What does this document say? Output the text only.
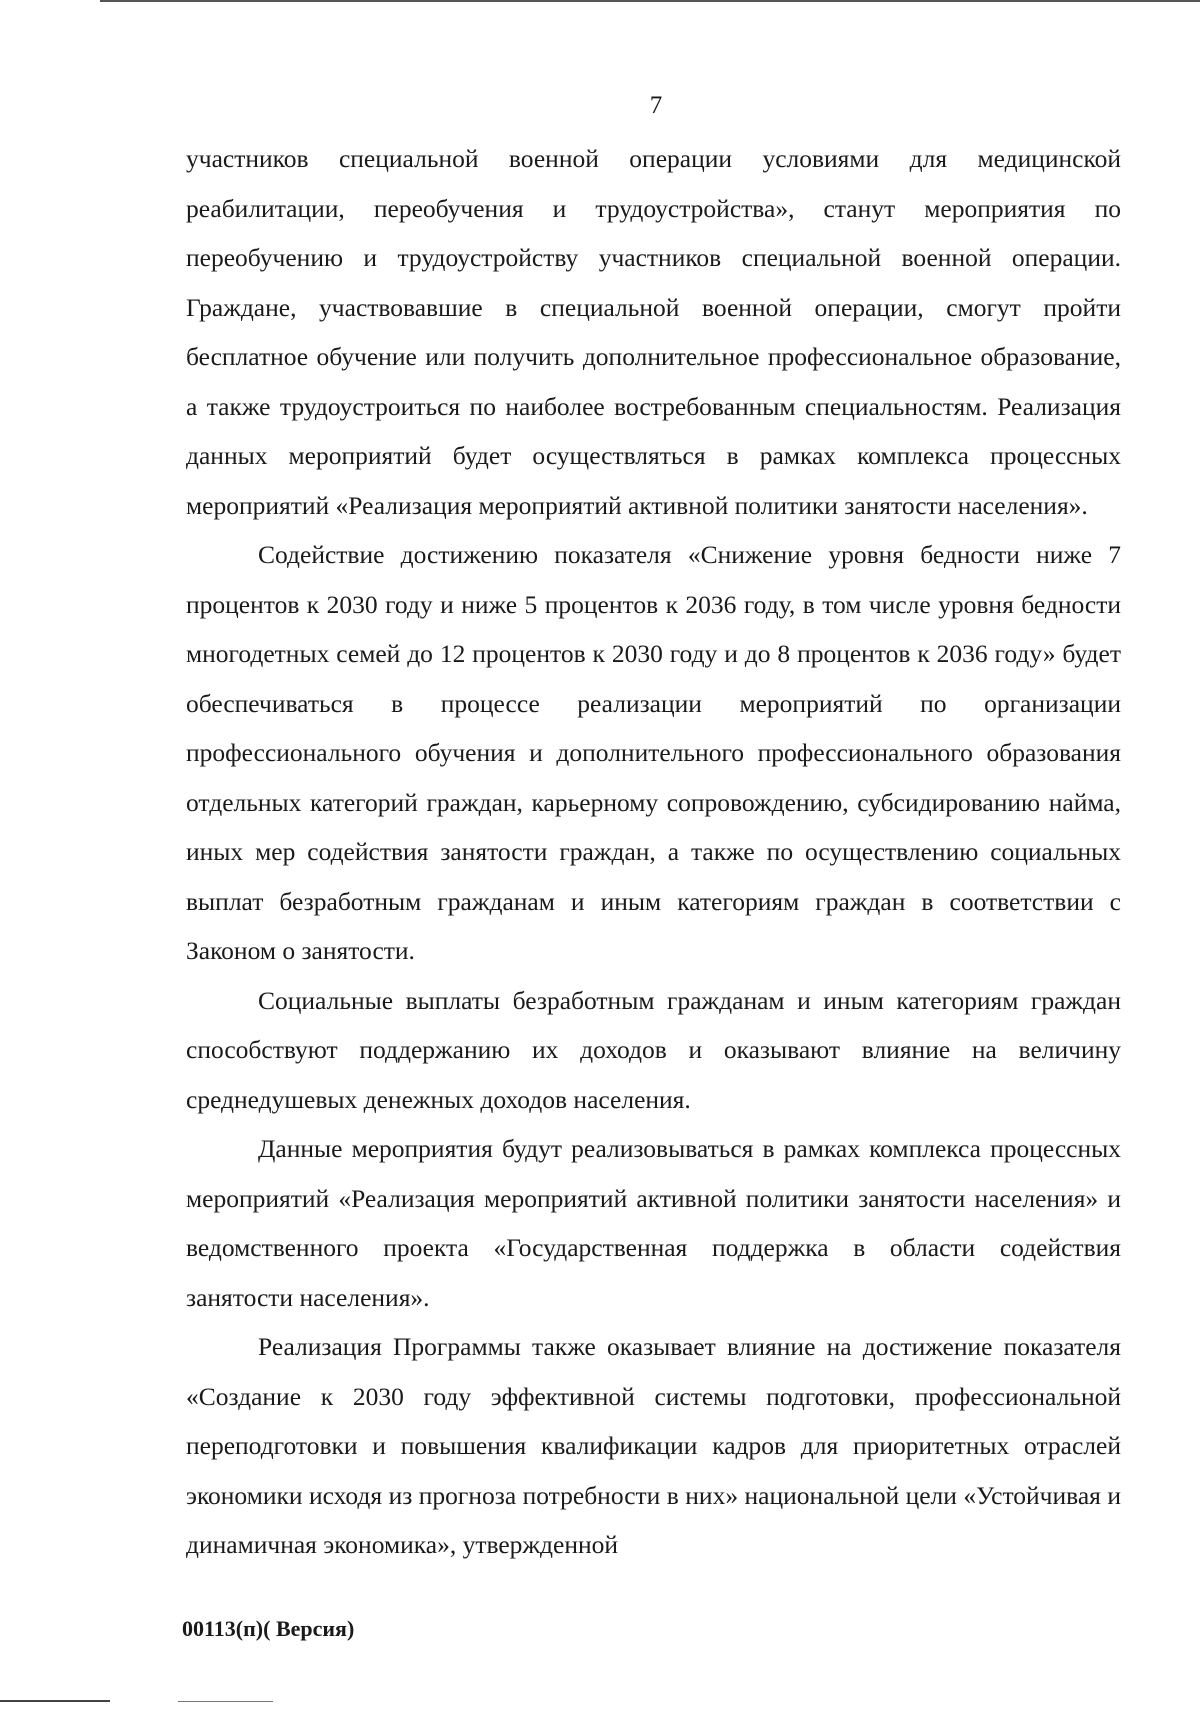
7

участников специальной военной операции условиями для медицинской реабилитации, переобучения и трудоустройства», станут мероприятия по переобучению и трудоустройству участников специальной военной операции. Граждане, участвовавшие в специальной военной операции, смогут пройти бесплатное обучение или получить дополнительное профессиональное образование, а также трудоустроиться по наиболее востребованным специальностям. Реализация данных мероприятий будет осуществляться в рамках комплекса процессных мероприятий «Реализация мероприятий активной политики занятости населения».

Содействие достижению показателя «Снижение уровня бедности ниже 7 процентов к 2030 году и ниже 5 процентов к 2036 году, в том числе уровня бедности многодетных семей до 12 процентов к 2030 году и до 8 процентов к 2036 году» будет обеспечиваться в процессе реализации мероприятий по организации профессионального обучения и дополнительного профессионального образования отдельных категорий граждан, карьерному сопровождению, субсидированию найма, иных мер содействия занятости граждан, а также по осуществлению социальных выплат безработным гражданам и иным категориям граждан в соответствии с Законом о занятости.

Социальные выплаты безработным гражданам и иным категориям граждан способствуют поддержанию их доходов и оказывают влияние на величину среднедушевых денежных доходов населения.

Данные мероприятия будут реализовываться в рамках комплекса процессных мероприятий «Реализация мероприятий активной политики занятости населения» и ведомственного проекта «Государственная поддержка в области содействия занятости населения».

Реализация Программы также оказывает влияние на достижение показателя «Создание к 2030 году эффективной системы подготовки, профессиональной переподготовки и повышения квалификации кадров для приоритетных отраслей экономики исходя из прогноза потребности в них» национальной цели «Устойчивая и динамичная экономика», утвержденной

00113(п)( Версия)
